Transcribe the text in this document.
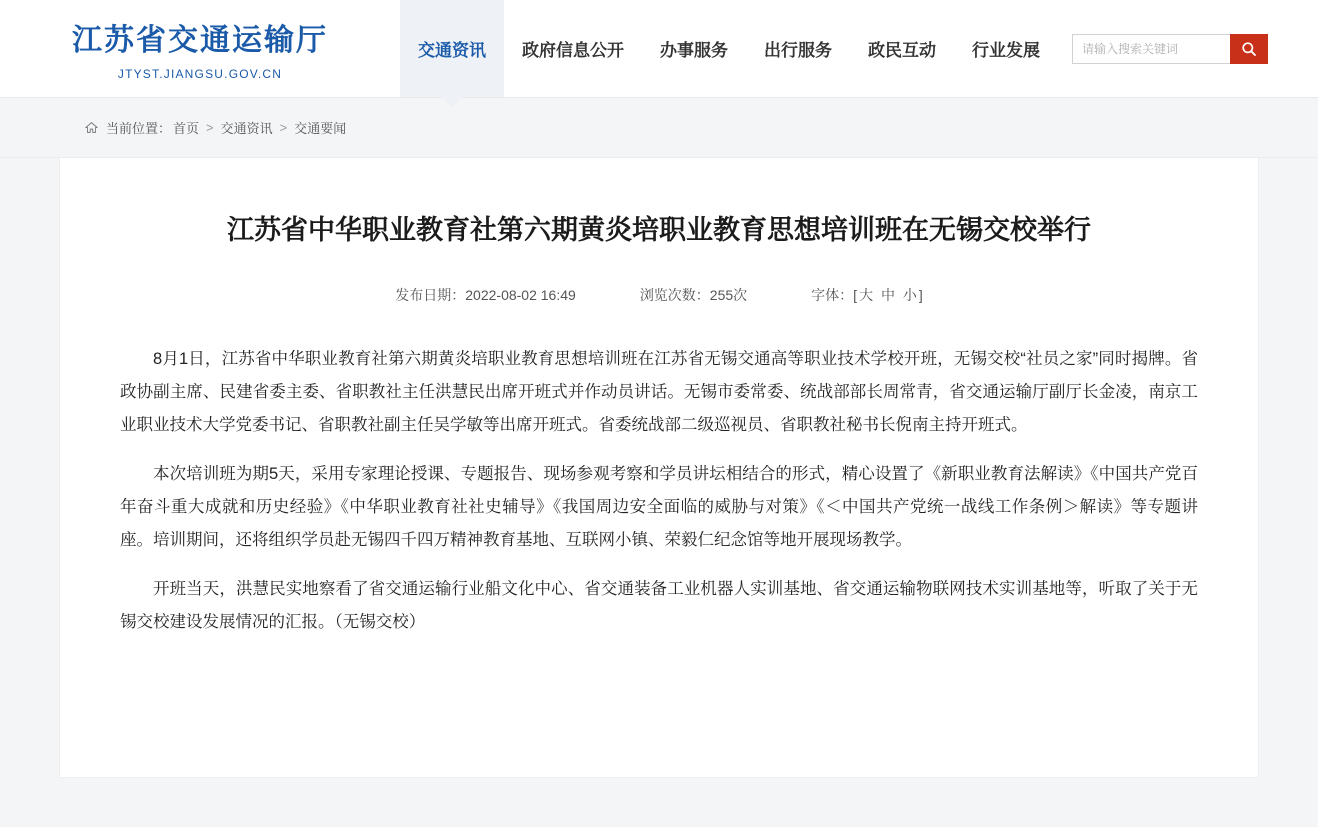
江苏省交通运输厅
JTYST.JIANGSU.GOV.CN
交通资讯 政府信息公开 办事服务 出行服务 政民互动 行业发展
请输入搜索关键词
当前位置： 首页 > 交通资讯 > 交通要闻
江苏省中华职业教育社第六期黄炎培职业教育思想培训班在无锡交校举行
发布日期：2022-08-02 16:49	浏览次数：255次	字体：[ 大 中 小 ]

8月1日，江苏省中华职业教育社第六期黄炎培职业教育思想培训班在江苏省无锡交通高等职业技术学校开班，无锡交校“社员之家”同时揭牌。省政协副主席、民建省委主委、省职教社主任洪慧民出席开班式并作动员讲话。无锡市委常委、统战部部长周常青，省交通运输厅副厅长金凌，南京工业职业技术大学党委书记、省职教社副主任吴学敏等出席开班式。省委统战部二级巡视员、省职教社秘书长倪南主持开班式。

本次培训班为期5天，采用专家理论授课、专题报告、现场参观考察和学员讲坛相结合的形式，精心设置了《新职业教育法解读》《中国共产党百年奋斗重大成就和历史经验》《中华职业教育社社史辅导》《我国周边安全面临的威胁与对策》《＜中国共产党统一战线工作条例＞解读》等专题讲座。培训期间，还将组织学员赴无锡四千四万精神教育基地、互联网小镇、荣毅仁纪念馆等地开展现场教学。

开班当天，洪慧民实地察看了省交通运输行业船文化中心、省交通装备工业机器人实训基地、省交通运输物联网技术实训基地等，听取了关于无锡交校建设发展情况的汇报。（无锡交校）
